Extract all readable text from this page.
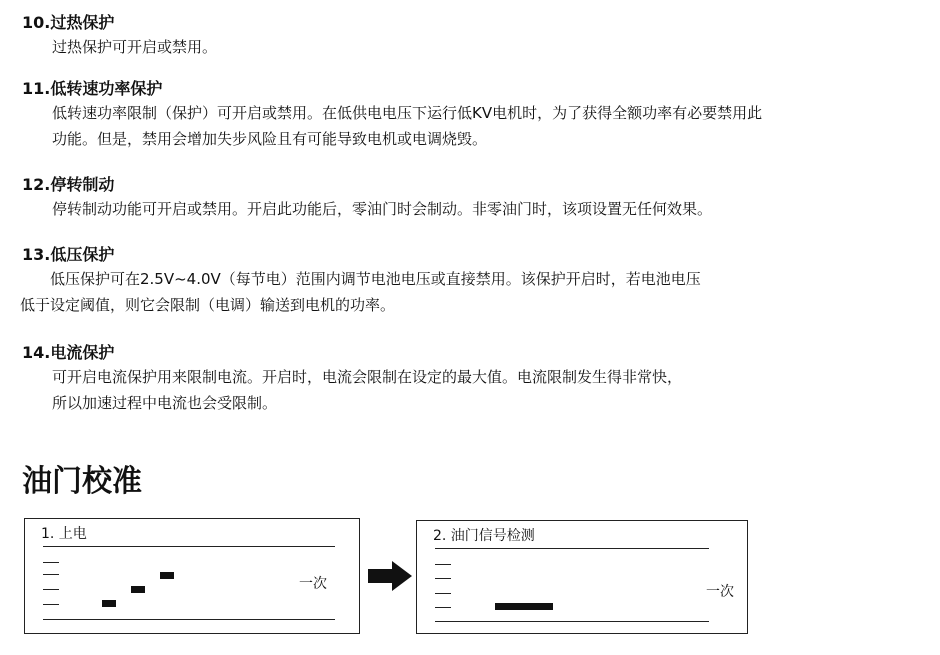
10.过热保护
过热保护可开启或禁用。
11.低转速功率保护
低转速功率限制（保护）可开启或禁用。在低供电电压下运行低KV电机时，为了获得全额功率有必要禁用此
功能。但是，禁用会增加失步风险且有可能导致电机或电调烧毁。
12.停转制动
停转制动功能可开启或禁用。开启此功能后，零油门时会制动。非零油门时，该项设置无任何效果。
13.低压保护
低压保护可在2.5V~4.0V（每节电）范围内调节电池电压或直接禁用。该保护开启时，若电池电压
低于设定阈值，则它会限制（电调）输送到电机的功率。
14.电流保护
可开启电流保护用来限制电流。开启时，电流会限制在设定的最大值。电流限制发生得非常快，
所以加速过程中电流也会受限制。
油门校准
1. 上电
一次
2. 油门信号检测
一次
